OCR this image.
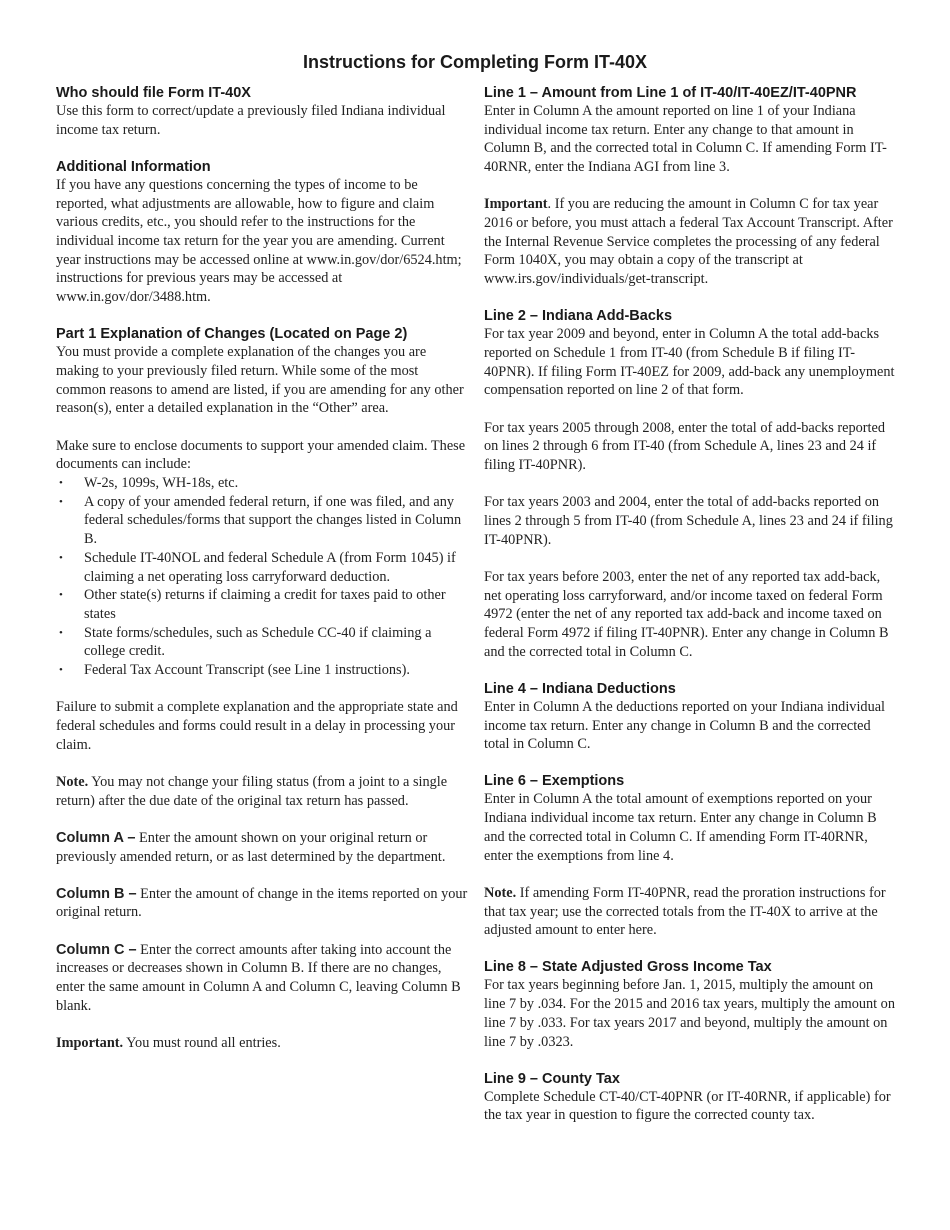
Instructions for Completing Form IT-40X
Who should file Form IT-40X

Use this form to correct/update a previously filed Indiana individual income tax return.

Additional Information

If you have any questions concerning the types of income to be reported, what adjustments are allowable, how to figure and claim various credits, etc., you should refer to the instructions for the individual income tax return for the year you are amending. Current year instructions may be accessed online at www.in.gov/dor/6524.htm; instructions for previous years may be accessed at www.in.gov/dor/3488.htm.

Part 1 Explanation of Changes (Located on Page 2)

You must provide a complete explanation of the changes you are making to your previously filed return. While some of the most common reasons to amend are listed, if you are amending for any other reason(s), enter a detailed explanation in the “Other” area.

Make sure to enclose documents to support your amended claim. These documents can include:

• W-2s, 1099s, WH-18s, etc.
• A copy of your amended federal return, if one was filed, and any federal schedules/forms that support the changes listed in Column B.
• Schedule IT-40NOL and federal Schedule A (from Form 1045) if claiming a net operating loss carryforward deduction.
• Other state(s) returns if claiming a credit for taxes paid to other states
• State forms/schedules, such as Schedule CC-40 if claiming a college credit.
• Federal Tax Account Transcript (see Line 1 instructions).

Failure to submit a complete explanation and the appropriate state and federal schedules and forms could result in a delay in processing your claim.

Note. You may not change your filing status (from a joint to a single return) after the due date of the original tax return has passed.

Column A – Enter the amount shown on your original return or previously amended return, or as last determined by the department.

Column B – Enter the amount of change in the items reported on your original return.

Column C – Enter the correct amounts after taking into account the increases or decreases shown in Column B. If there are no changes, enter the same amount in Column A and Column C, leaving Column B blank.

Important. You must round all entries.

Line 1 – Amount from Line 1 of IT-40/IT-40EZ/IT-40PNR

Enter in Column A the amount reported on line 1 of your Indiana individual income tax return. Enter any change to that amount in Column B, and the corrected total in Column C. If amending Form IT-40RNR, enter the Indiana AGI from line 3.

Important. If you are reducing the amount in Column C for tax year 2016 or before, you must attach a federal Tax Account Transcript. After the Internal Revenue Service completes the processing of any federal Form 1040X, you may obtain a copy of the transcript at www.irs.gov/individuals/get-transcript.

Line 2 – Indiana Add-Backs

For tax year 2009 and beyond, enter in Column A the total add-backs reported on Schedule 1 from IT-40 (from Schedule B if filing IT-40PNR). If filing Form IT-40EZ for 2009, add-back any unemployment compensation reported on line 2 of that form.

For tax years 2005 through 2008, enter the total of add-backs reported on lines 2 through 6 from IT-40 (from Schedule A, lines 23 and 24 if filing IT-40PNR).

For tax years 2003 and 2004, enter the total of add-backs reported on lines 2 through 5 from IT-40 (from Schedule A, lines 23 and 24 if filing IT-40PNR).

For tax years before 2003, enter the net of any reported tax add-back, net operating loss carryforward, and/or income taxed on federal Form 4972 (enter the net of any reported tax add-back and income taxed on federal Form 4972 if filing IT-40PNR). Enter any change in Column B and the corrected total in Column C.

Line 4 – Indiana Deductions

Enter in Column A the deductions reported on your Indiana individual income tax return. Enter any change in Column B and the corrected total in Column C.

Line 6 – Exemptions

Enter in Column A the total amount of exemptions reported on your Indiana individual income tax return. Enter any change in Column B and the corrected total in Column C. If amending Form IT-40RNR, enter the exemptions from line 4.

Note. If amending Form IT-40PNR, read the proration instructions for that tax year; use the corrected totals from the IT-40X to arrive at the adjusted amount to enter here.

Line 8 – State Adjusted Gross Income Tax

For tax years beginning before Jan. 1, 2015, multiply the amount on line 7 by .034. For the 2015 and 2016 tax years, multiply the amount on line 7 by .033. For tax years 2017 and beyond, multiply the amount on line 7 by .0323.

Line 9 – County Tax

Complete Schedule CT-40/CT-40PNR (or IT-40RNR, if applicable) for the tax year in question to figure the corrected county tax.
